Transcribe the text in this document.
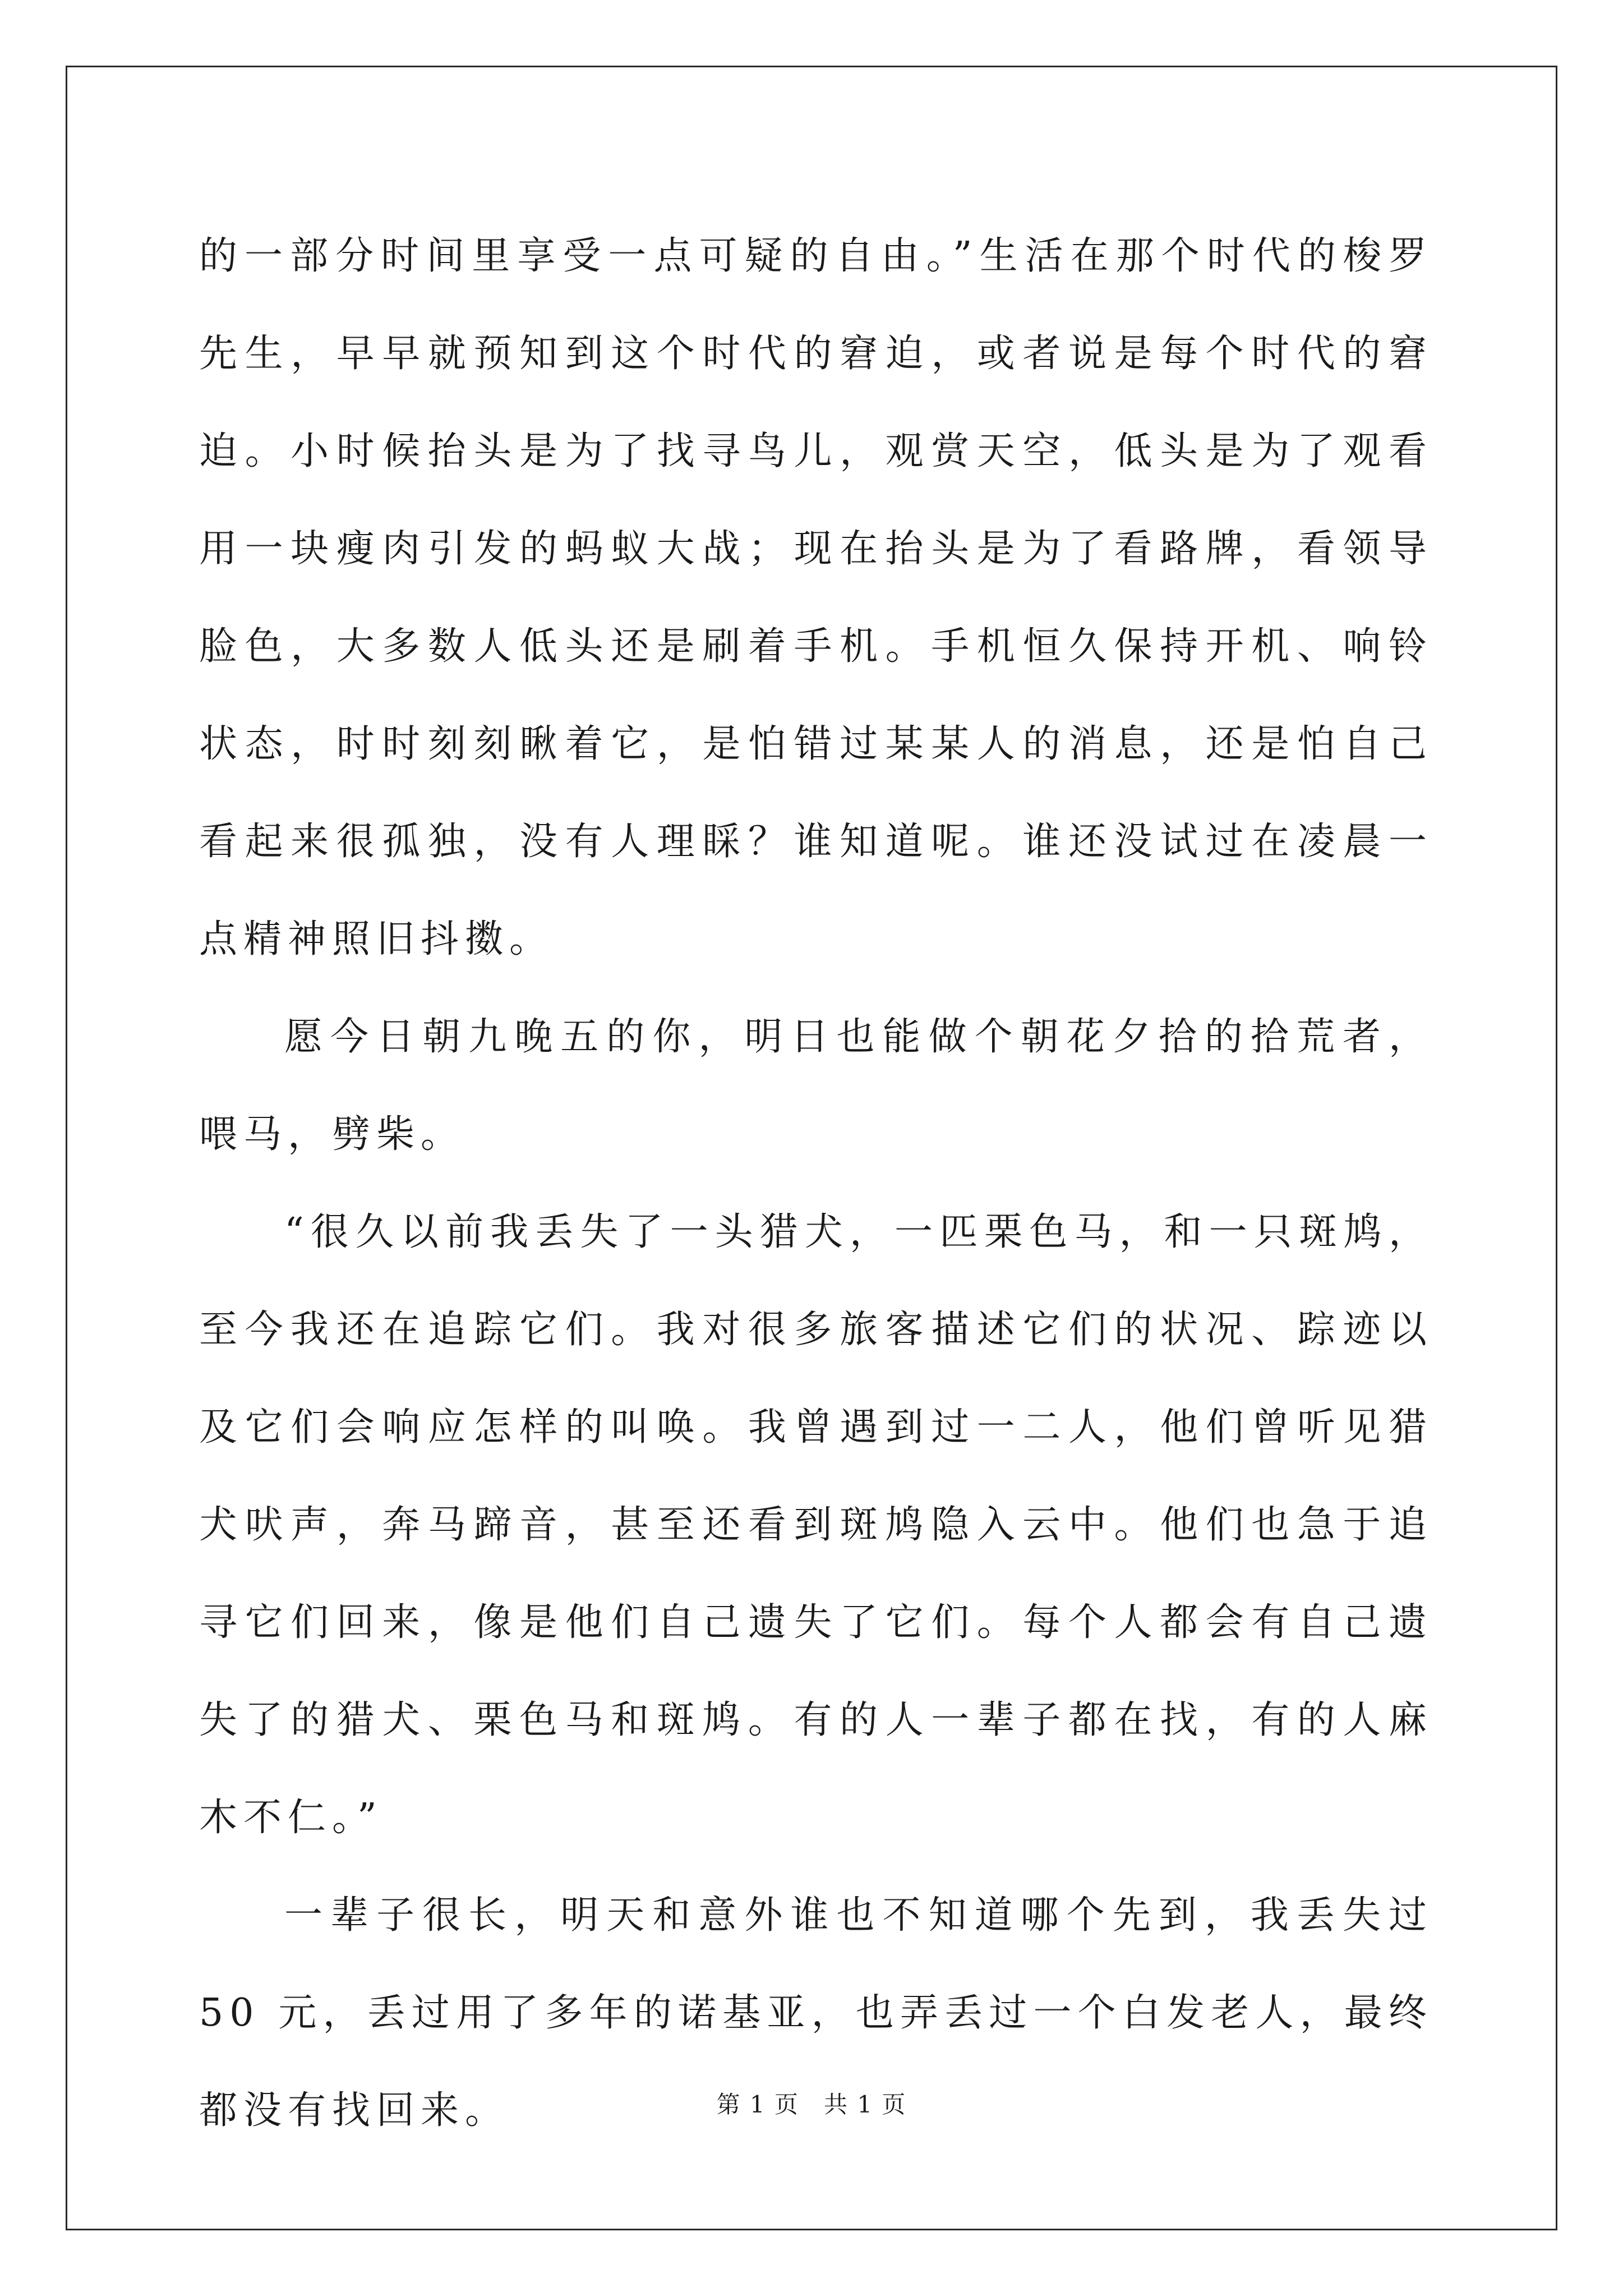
的一部分时间里享受一点可疑的自由。”生活在那个时代的梭罗先生，早早就预知到这个时代的窘迫，或者说是每个时代的窘迫。小时候抬头是为了找寻鸟儿，观赏天空，低头是为了观看用一块瘦肉引发的蚂蚁大战；现在抬头是为了看路牌，看领导脸色，大多数人低头还是刷着手机。手机恒久保持开机、响铃状态，时时刻刻瞅着它，是怕错过某某人的消息，还是怕自己看起来很孤独，没有人理睬？谁知道呢。谁还没试过在凌晨一点精神照旧抖擞。

愿今日朝九晚五的你，明日也能做个朝花夕拾的拾荒者，喂马，劈柴。

“很久以前我丢失了一头猎犬，一匹栗色马，和一只斑鸠，至今我还在追踪它们。我对很多旅客描述它们的状况、踪迹以及它们会响应怎样的叫唤。我曾遇到过一二人，他们曾听见猎犬吠声，奔马蹄音，甚至还看到斑鸠隐入云中。他们也急于追寻它们回来，像是他们自己遗失了它们。每个人都会有自己遗失了的猎犬、栗色马和斑鸠。有的人一辈子都在找，有的人麻木不仁。”

一辈子很长，明天和意外谁也不知道哪个先到，我丢失过 50 元，丢过用了多年的诺基亚，也弄丢过一个白发老人，最终都没有找回来。	第 1 页　共 1 页
